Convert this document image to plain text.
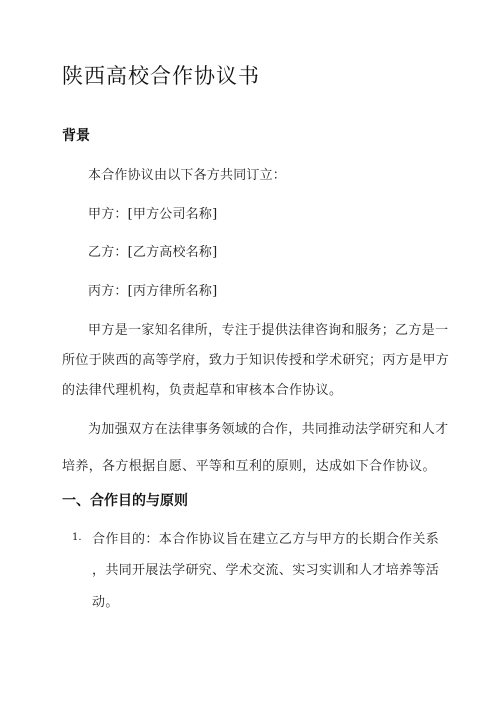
陕西高校合作协议书
背景
本合作协议由以下各方共同订立：
甲方：[甲方公司名称]
乙方：[乙方高校名称]
丙方：[丙方律所名称]
甲方是一家知名律所，专注于提供法律咨询和服务；乙方是一
所位于陕西的高等学府，致力于知识传授和学术研究；丙方是甲方
的法律代理机构，负责起草和审核本合作协议。
为加强双方在法律事务领域的合作，共同推动法学研究和人才
培养，各方根据自愿、平等和互利的原则，达成如下合作协议。
一、合作目的与原则
1. 合作目的：本合作协议旨在建立乙方与甲方的长期合作关系
，共同开展法学研究、学术交流、实习实训和人才培养等活
动。
